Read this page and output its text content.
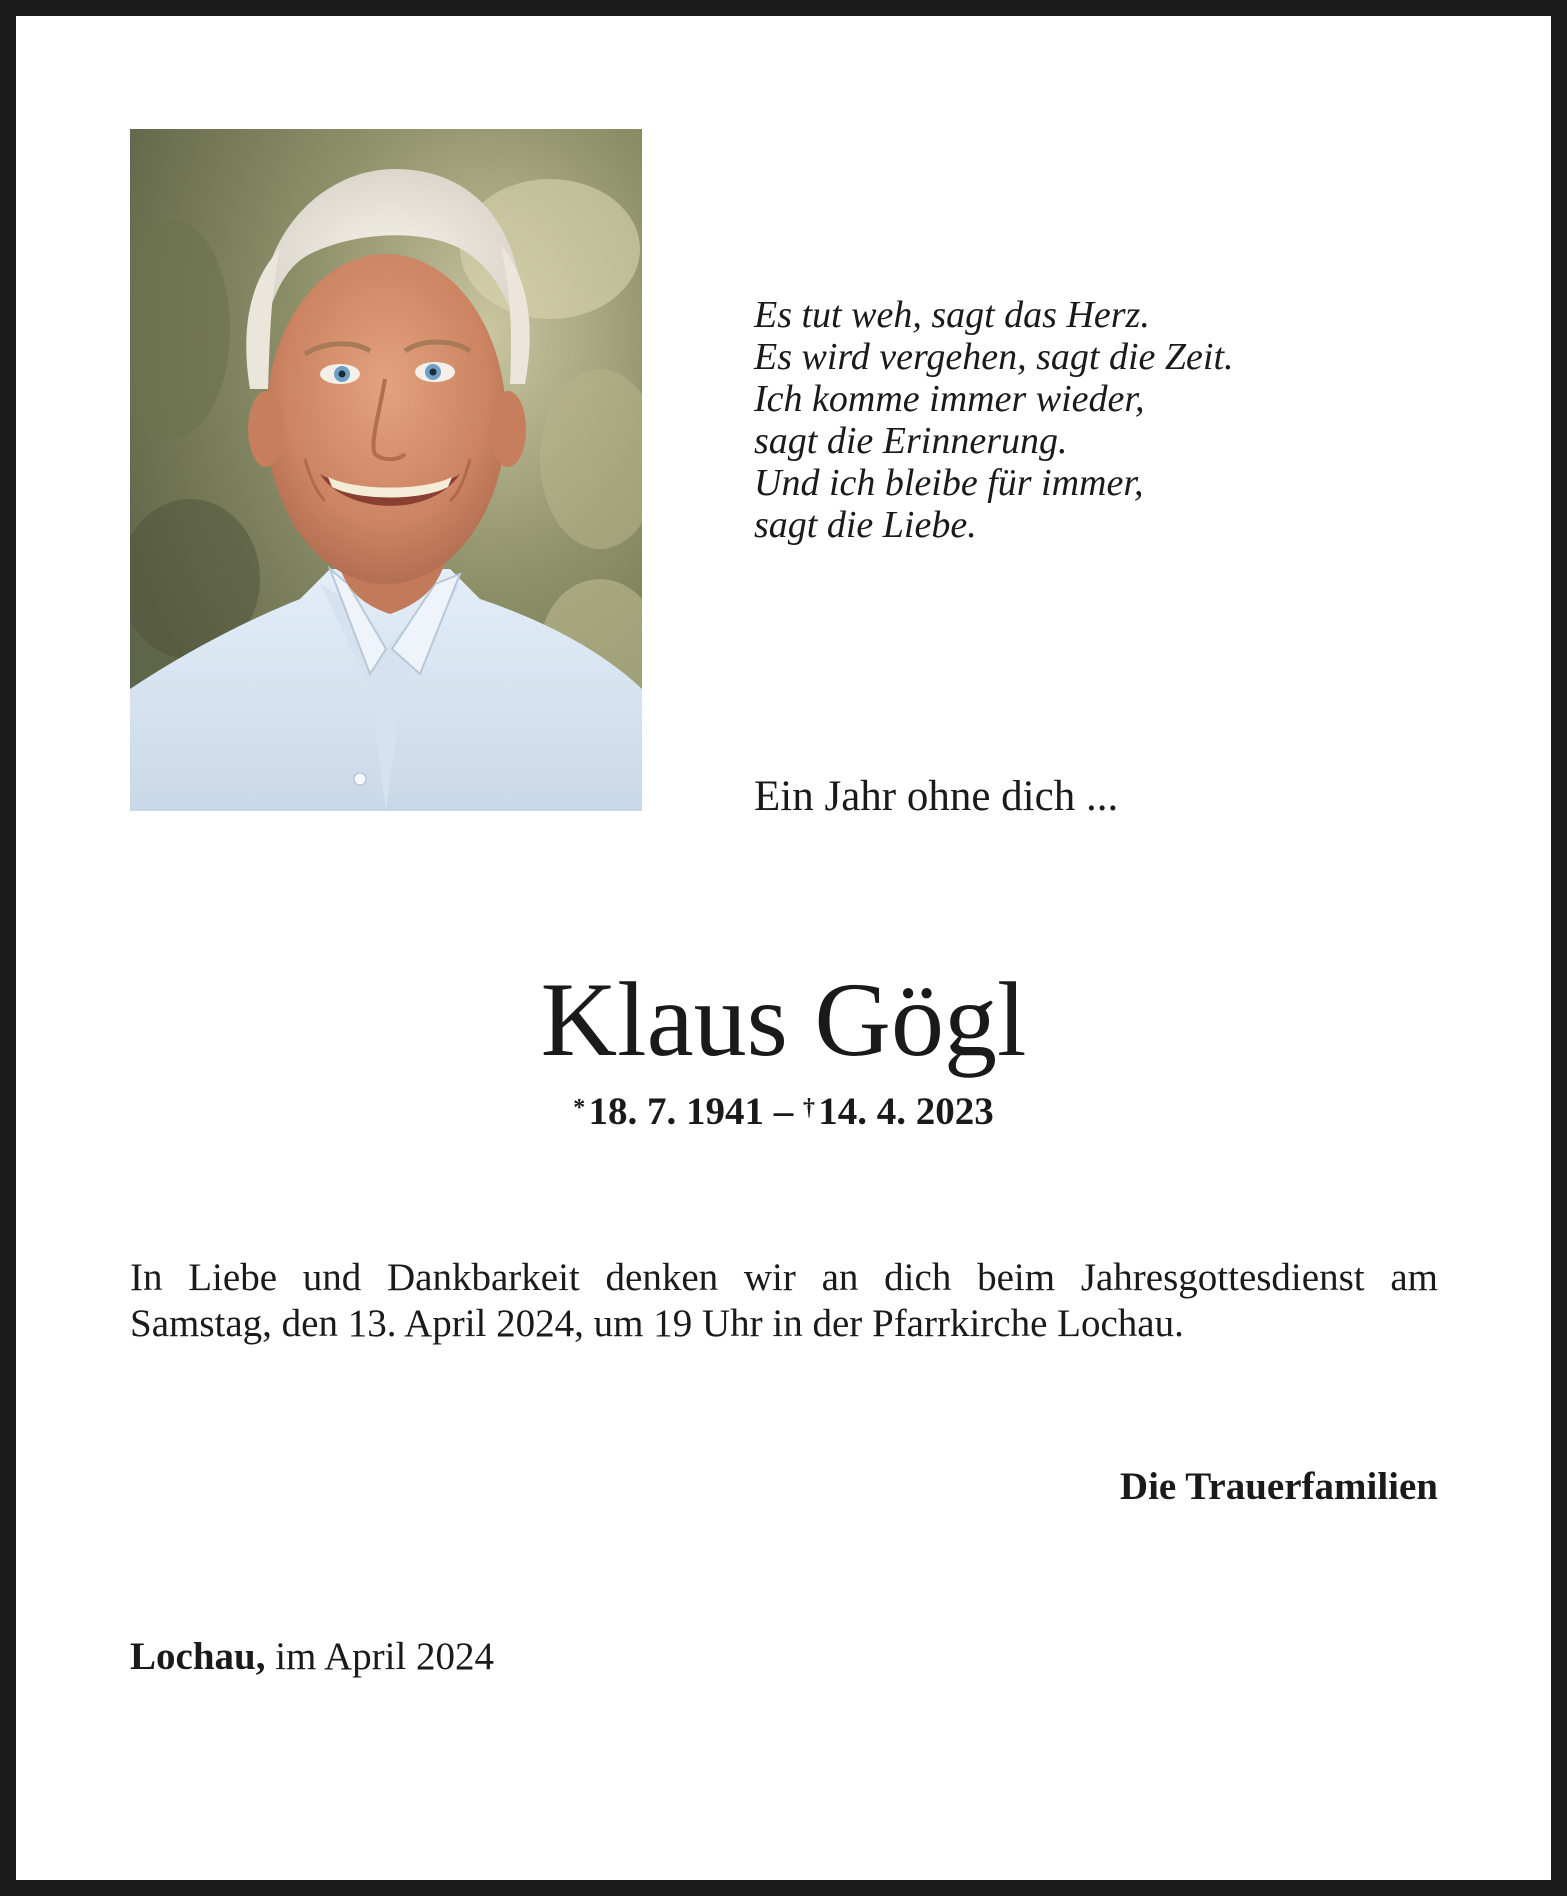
Es tut weh, sagt das Herz.
Es wird vergehen, sagt die Zeit.
Ich komme immer wieder,
sagt die Erinnerung.
Und ich bleibe für immer,
sagt die Liebe.
Ein Jahr ohne dich ...
Klaus Gögl
* 18. 7. 1941 – † 14. 4. 2023
In Liebe und Dankbarkeit denken wir an dich beim Jahresgottesdienst am
Samstag, den 13. April 2024, um 19 Uhr in der Pfarrkirche Lochau.
Die Trauerfamilien
Lochau, im April 2024
